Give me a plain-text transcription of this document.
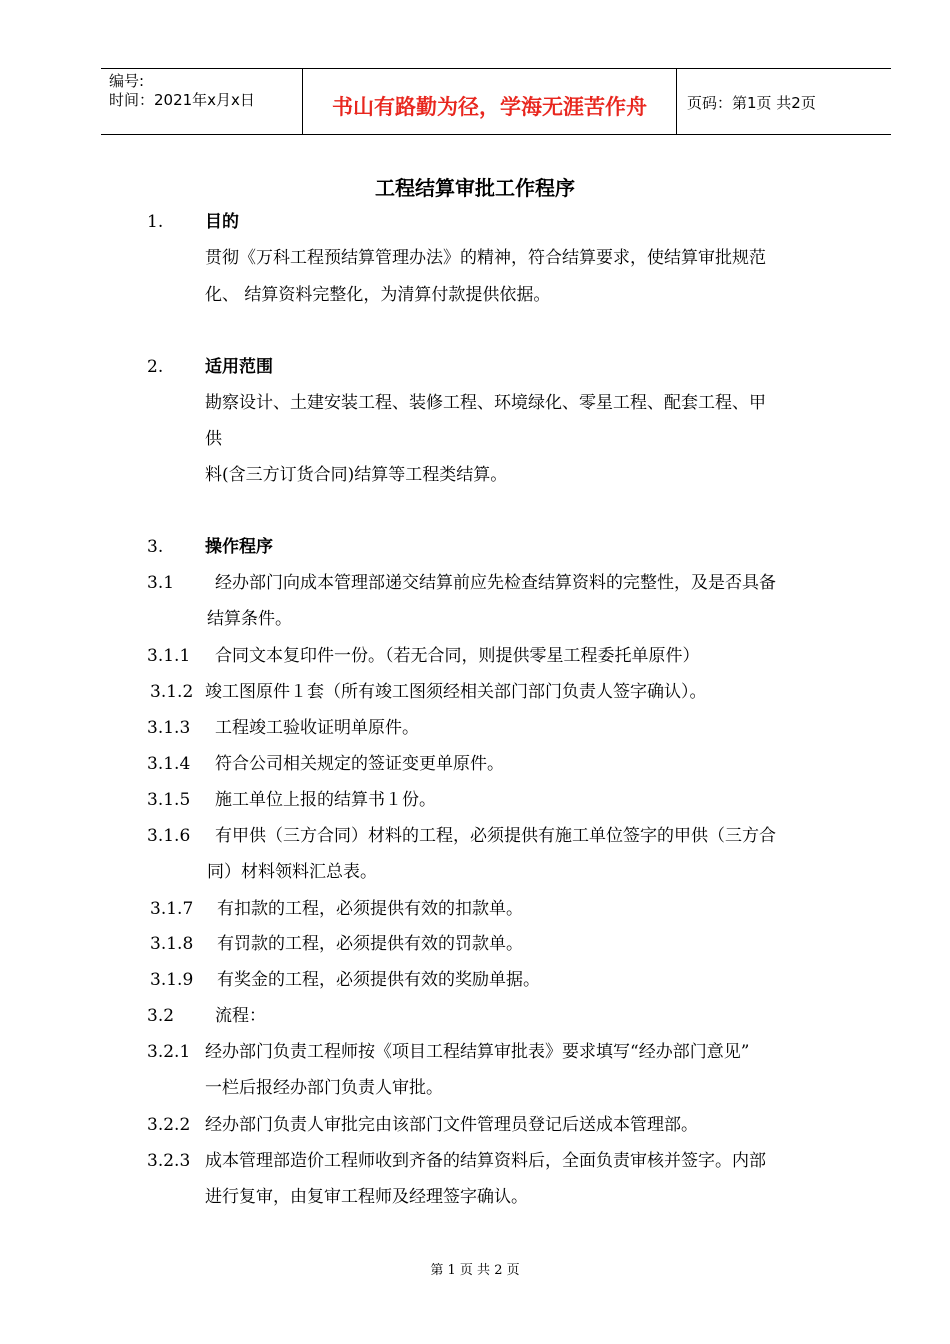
编号:
时间：2021年x月x日	书山有路勤为径，学海无涯苦作舟	页码：第1页 共2页
工程结算审批工作程序
1. 目的
贯彻《万科工程预结算管理办法》的精神，符合结算要求，使结算审批规范
化、 结算资料完整化，为清算付款提供依据。
2. 适用范围
勘察设计、土建安装工程、装修工程、环境绿化、零星工程、配套工程、甲
供
料(含三方订货合同)结算等工程类结算。
3. 操作程序
3.1 经办部门向成本管理部递交结算前应先检查结算资料的完整性，及是否具备
结算条件。
3.1.1 合同文本复印件一份。（若无合同，则提供零星工程委托单原件）
3.1.2 竣工图原件１套（所有竣工图须经相关部门部门负责人签字确认）。
3.1.3 工程竣工验收证明单原件。
3.1.4 符合公司相关规定的签证变更单原件。
3.1.5 施工单位上报的结算书１份。
3.1.6 有甲供（三方合同）材料的工程，必须提供有施工单位签字的甲供（三方合
同）材料领料汇总表。
3.1.7 有扣款的工程，必须提供有效的扣款单。
3.1.8 有罚款的工程，必须提供有效的罚款单。
3.1.9 有奖金的工程，必须提供有效的奖励单据。
3.2 流程：
3.2.1 经办部门负责工程师按《项目工程结算审批表》要求填写“经办部门意见”
一栏后报经办部门负责人审批。
3.2.2 经办部门负责人审批完由该部门文件管理员登记后送成本管理部。
3.2.3 成本管理部造价工程师收到齐备的结算资料后，全面负责审核并签字。内部
进行复审，由复审工程师及经理签字确认。
第 1 页 共 2 页
